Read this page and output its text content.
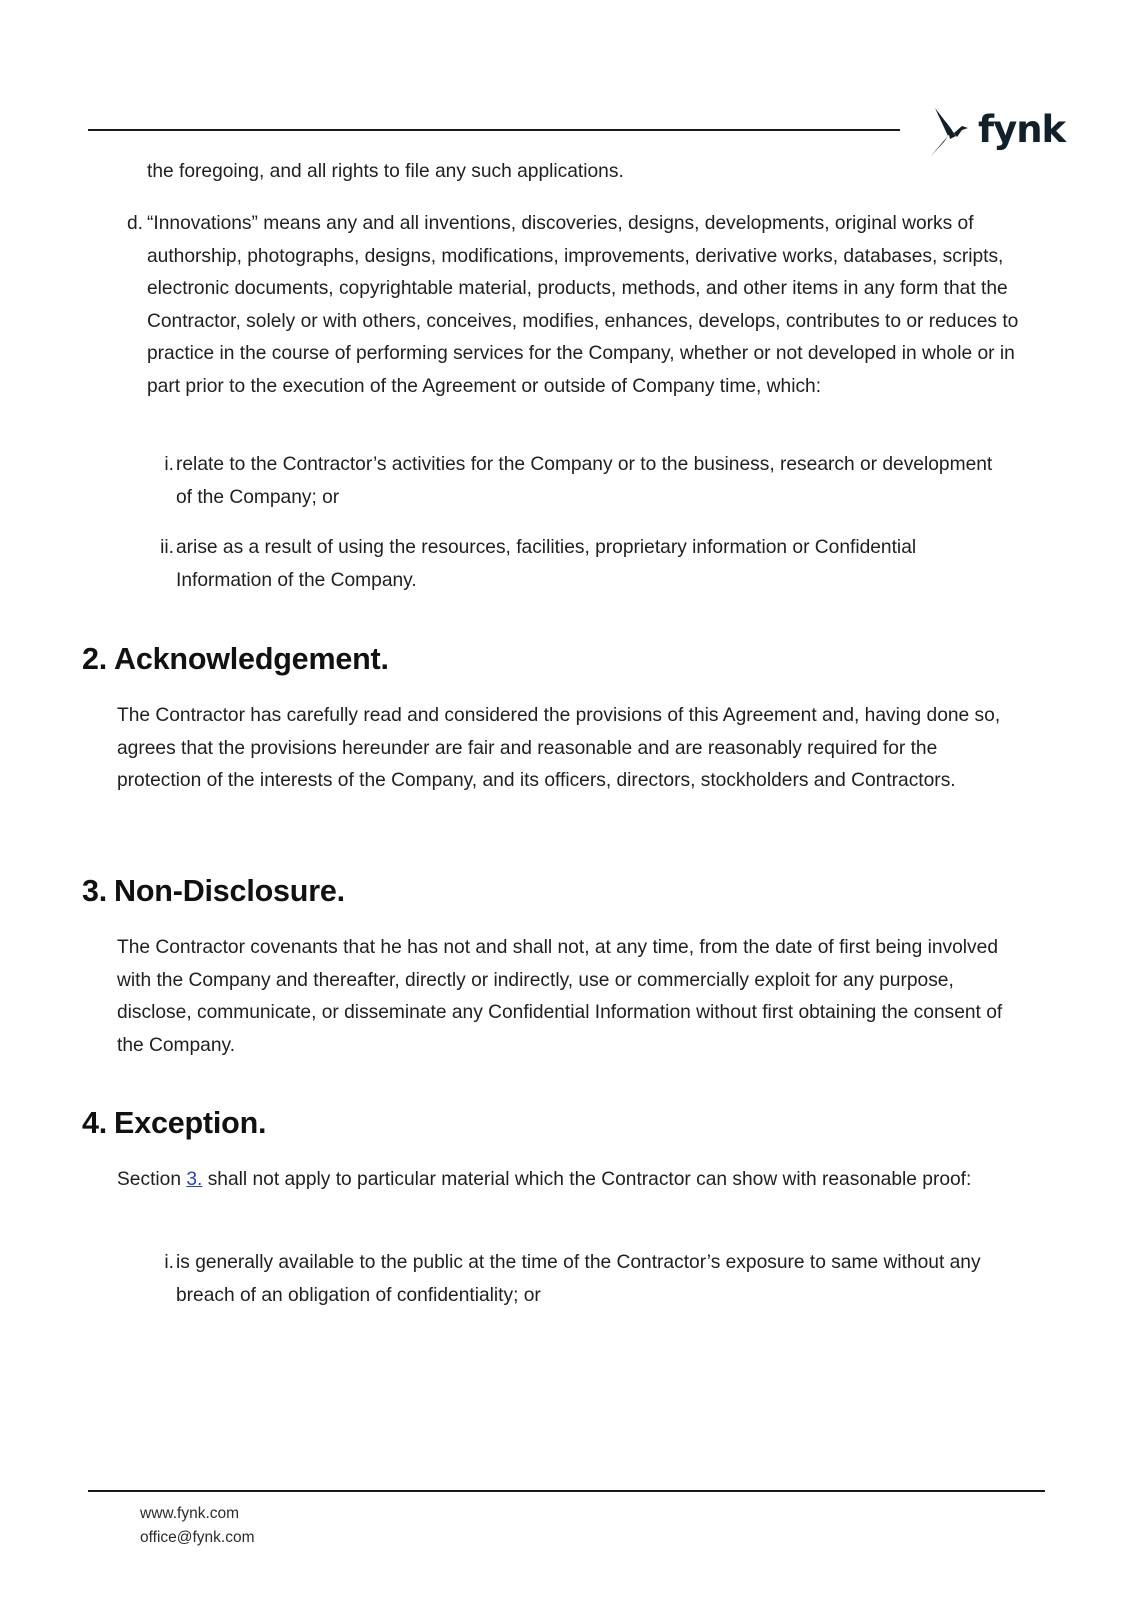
fynk

the foregoing, and all rights to file any such applications.

d. “Innovations” means any and all inventions, discoveries, designs, developments, original works of authorship, photographs, designs, modifications, improvements, derivative works, databases, scripts, electronic documents, copyrightable material, products, methods, and other items in any form that the Contractor, solely or with others, conceives, modifies, enhances, develops, contributes to or reduces to practice in the course of performing services for the Company, whether or not developed in whole or in part prior to the execution of the Agreement or outside of Company time, which:
i. relate to the Contractor’s activities for the Company or to the business, research or development of the Company; or
ii. arise as a result of using the resources, facilities, proprietary information or Confidential Information of the Company.
2. Acknowledgement.

The Contractor has carefully read and considered the provisions of this Agreement and, having done so, agrees that the provisions hereunder are fair and reasonable and are reasonably required for the protection of the interests of the Company, and its officers, directors, stockholders and Contractors.

3. Non-Disclosure.

The Contractor covenants that he has not and shall not, at any time, from the date of first being involved with the Company and thereafter, directly or indirectly, use or commercially exploit for any purpose, disclose, communicate, or disseminate any Confidential Information without first obtaining the consent of the Company.

4. Exception.

Section 3. shall not apply to particular material which the Contractor can show with reasonable proof:

i. is generally available to the public at the time of the Contractor’s exposure to same without any breach of an obligation of confidentiality; or
www.fynk.com
office@fynk.com
